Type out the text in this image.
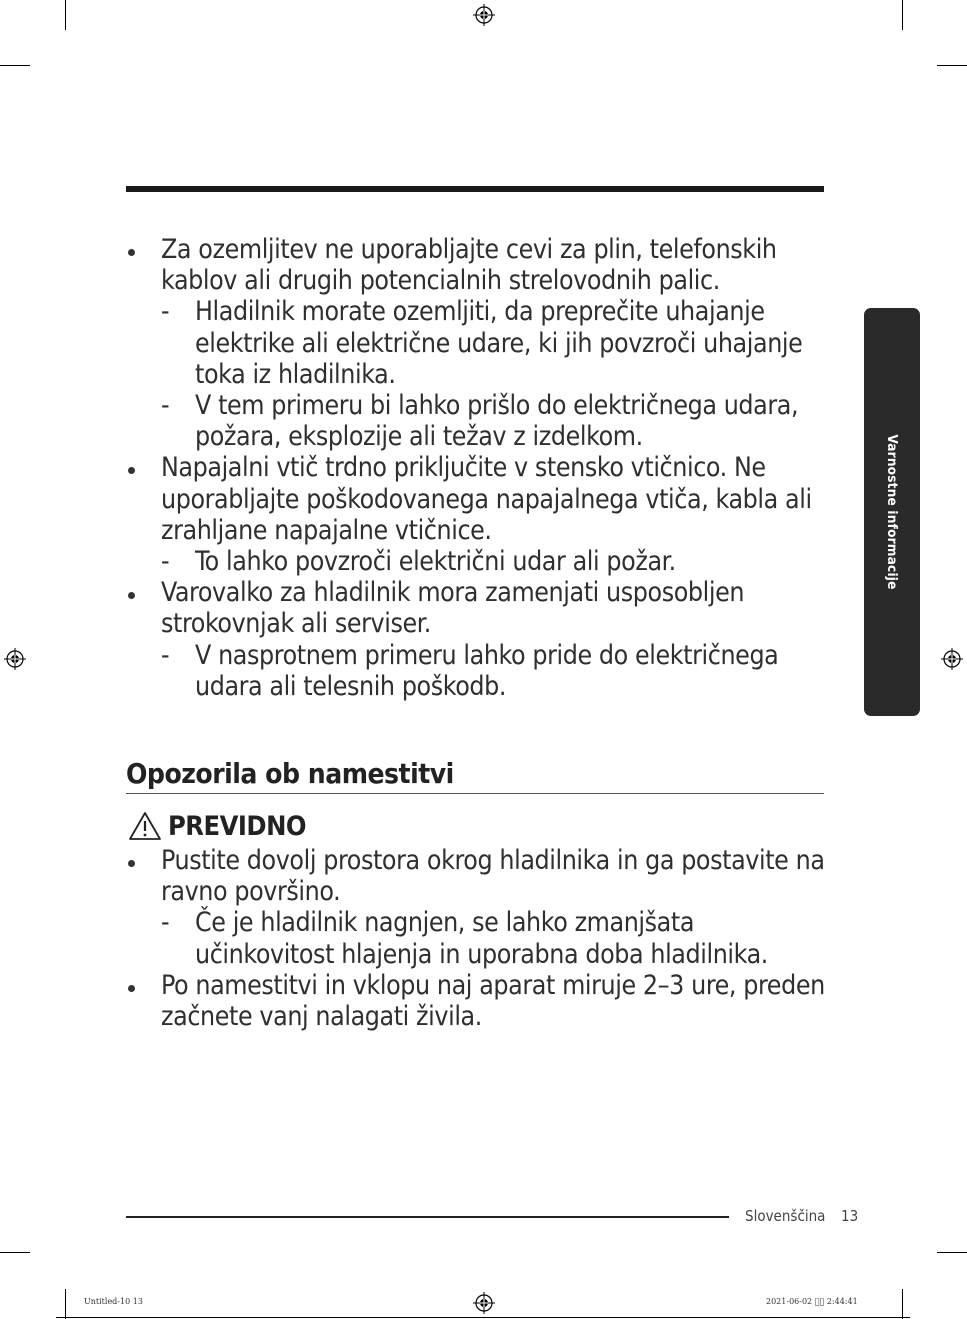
Za ozemljitev ne uporabljajte cevi za plin, telefonskih kablov ali drugih potencialnih strelovodnih palic.
- Hladilnik morate ozemljiti, da preprečite uhajanje elektrike ali električne udare, ki jih povzroči uhajanje toka iz hladilnika.
- V tem primeru bi lahko prišlo do električnega udara, požara, eksplozije ali težav z izdelkom.
Napajalni vtič trdno priključite v stensko vtičnico. Ne uporabljajte poškodovanega napajalnega vtiča, kabla ali zrahljane napajalne vtičnice.
- To lahko povzroči električni udar ali požar.
Varovalko za hladilnik mora zamenjati usposobljen strokovnjak ali serviser.
- V nasprotnem primeru lahko pride do električnega udara ali telesnih poškodb.
Opozorila ob namestitvi
PREVIDNO
Pustite dovolj prostora okrog hladilnika in ga postavite na ravno površino.
- Če je hladilnik nagnjen, se lahko zmanjšata učinkovitost hlajenja in uporabna doba hladilnika.
Po namestitvi in vklopu naj aparat miruje 2–3 ure, preden začnete vanj nalagati živila.
Varnostne informacije
Slovenščina 13
Untitled-10 13	2021-06-02 ￿￿ 2:44:41
